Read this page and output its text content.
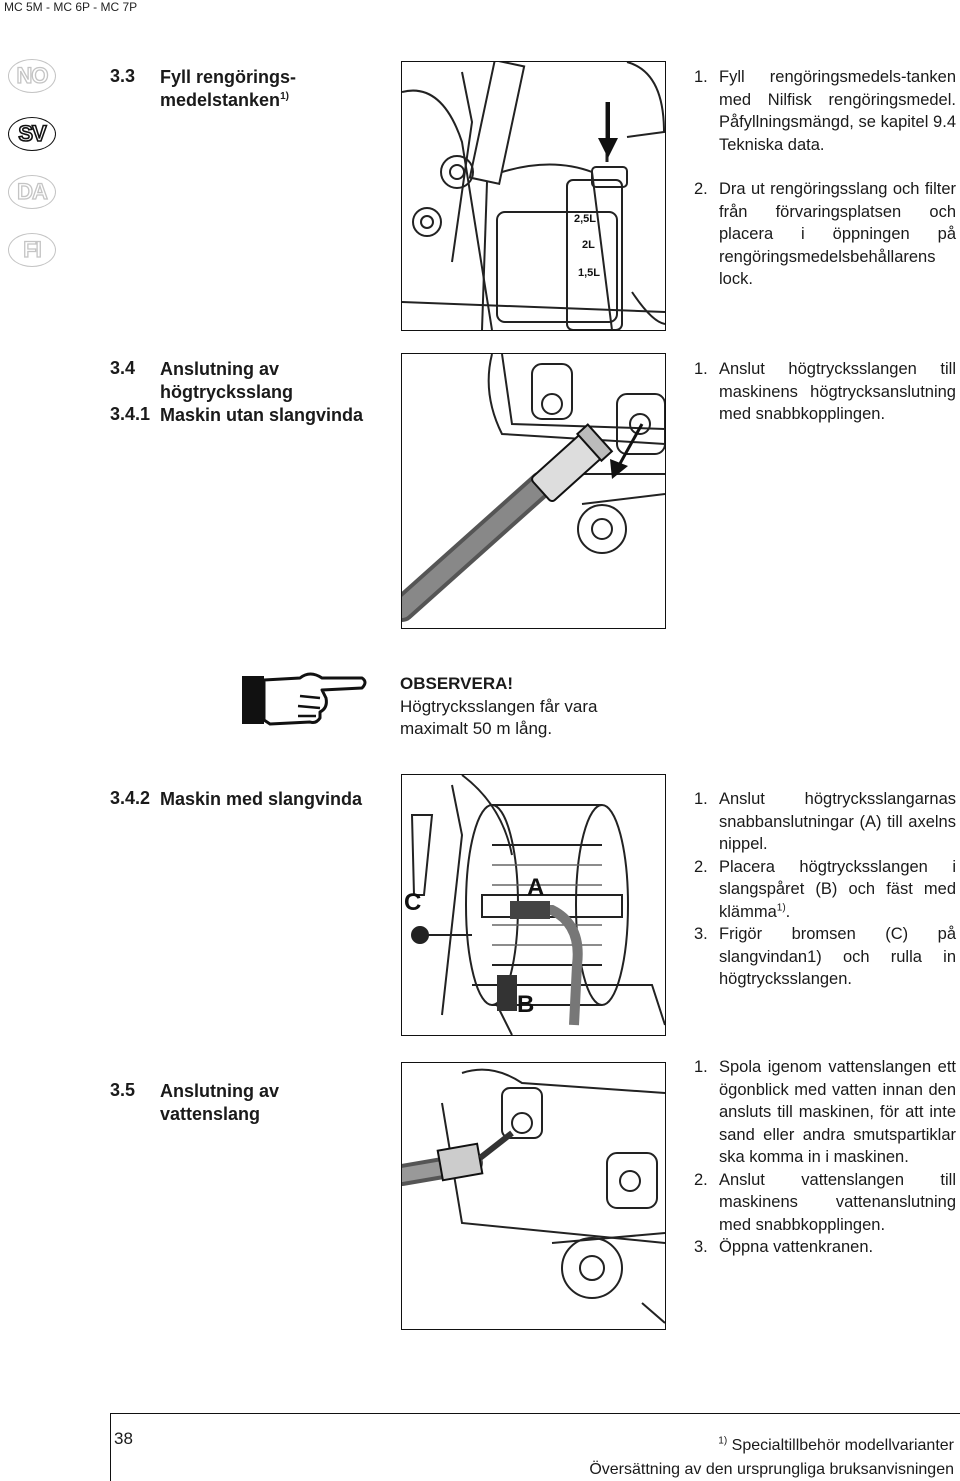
MC 5M - MC 6P - MC 7P
NO
SV
DA
FI
3.3 Fyll rengörings-
medelstanken$^{1)}$
2,5L
2L
1,5L
1. Fyll rengöringsmedels-tanken med Nilfisk rengöringsmedel. Påfyllningsmängd, se kapitel 9.4 Tekniska data.
2. Dra ut rengöringsslang och filter från förvaringsplatsen och placera i öppningen på rengöringsmedelsbehållarens lock.
3.4 Anslutning av
högtrycksslang
3.4.1 Maskin utan slangvinda
1. Anslut högtrycksslangen till maskinens högtrycksanslutning med snabbkopplingen.
OBSERVERA!
Högtrycksslangen får vara
maximalt 50 m lång.
3.4.2 Maskin med slangvinda
A
B
C
1. Anslut högtrycksslangarnas snabbanslutningar (A) till axelns nippel.
2. Placera högtrycksslangen i slangspåret (B) och fäst med klämma$^{1)}$.
3. Frigör bromsen (C) på slangvindan1) och rulla in högtrycksslangen.
3.5 Anslutning av
vattenslang
1. Spola igenom vattenslangen ett ögonblick med vatten innan den ansluts till maskinen, för att inte sand eller andra smutspartiklar ska komma in i maskinen.
2. Anslut vattenslangen till maskinens vattenanslutning med snabbkopplingen.
3. Öppna vattenkranen.
38	$^{1)}$ Specialtillbehör modellvarianter
Översättning av den ursprungliga bruksanvisningen
